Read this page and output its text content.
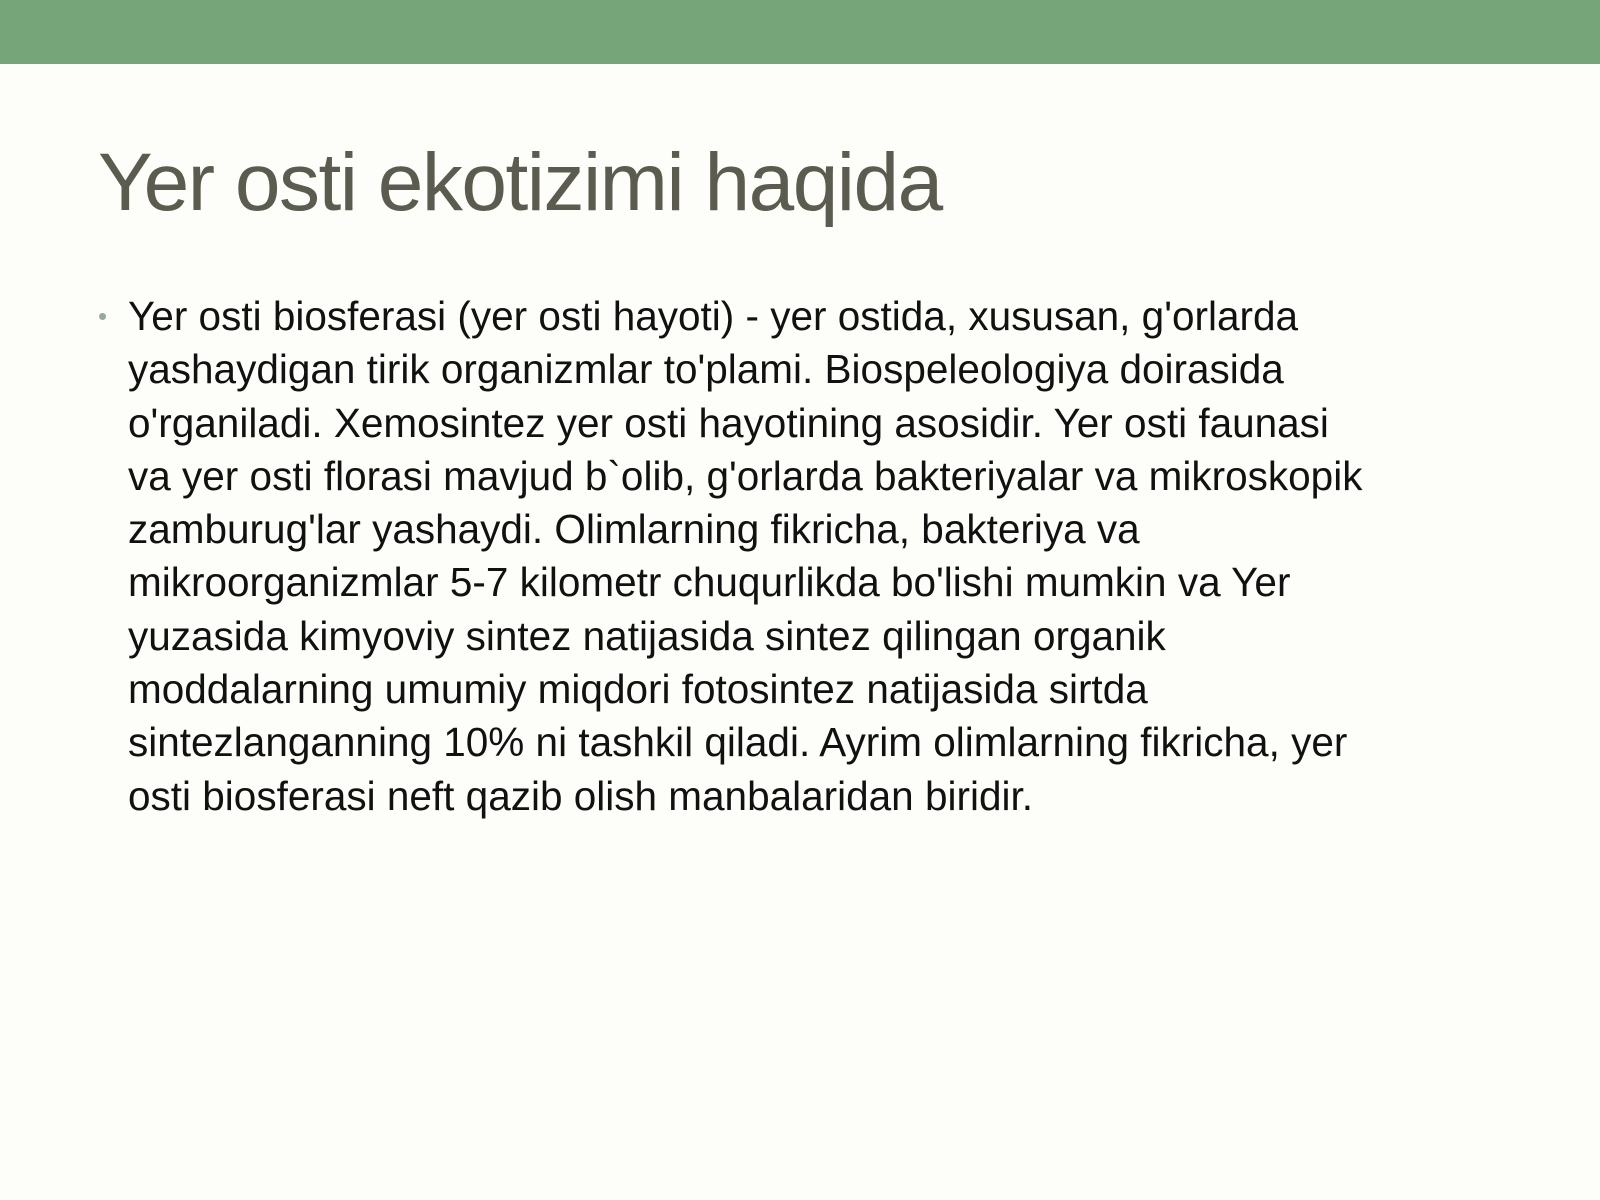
Yer osti ekotizimi haqida
• Yer osti biosferasi (yer osti hayoti) - yer ostida, xususan, g'orlarda
yashaydigan tirik organizmlar to'plami. Biospeleologiya doirasida
o'rganiladi. Xemosintez yer osti hayotining asosidir. Yer osti faunasi
va yer osti florasi mavjud b`olib, g'orlarda bakteriyalar va mikroskopik
zamburug'lar yashaydi. Olimlarning fikricha, bakteriya va
mikroorganizmlar 5-7 kilometr chuqurlikda bo'lishi mumkin va Yer
yuzasida kimyoviy sintez natijasida sintez qilingan organik
moddalarning umumiy miqdori fotosintez natijasida sirtda
sintezlanganning 10% ni tashkil qiladi. Ayrim olimlarning fikricha, yer
osti biosferasi neft qazib olish manbalaridan biridir.
